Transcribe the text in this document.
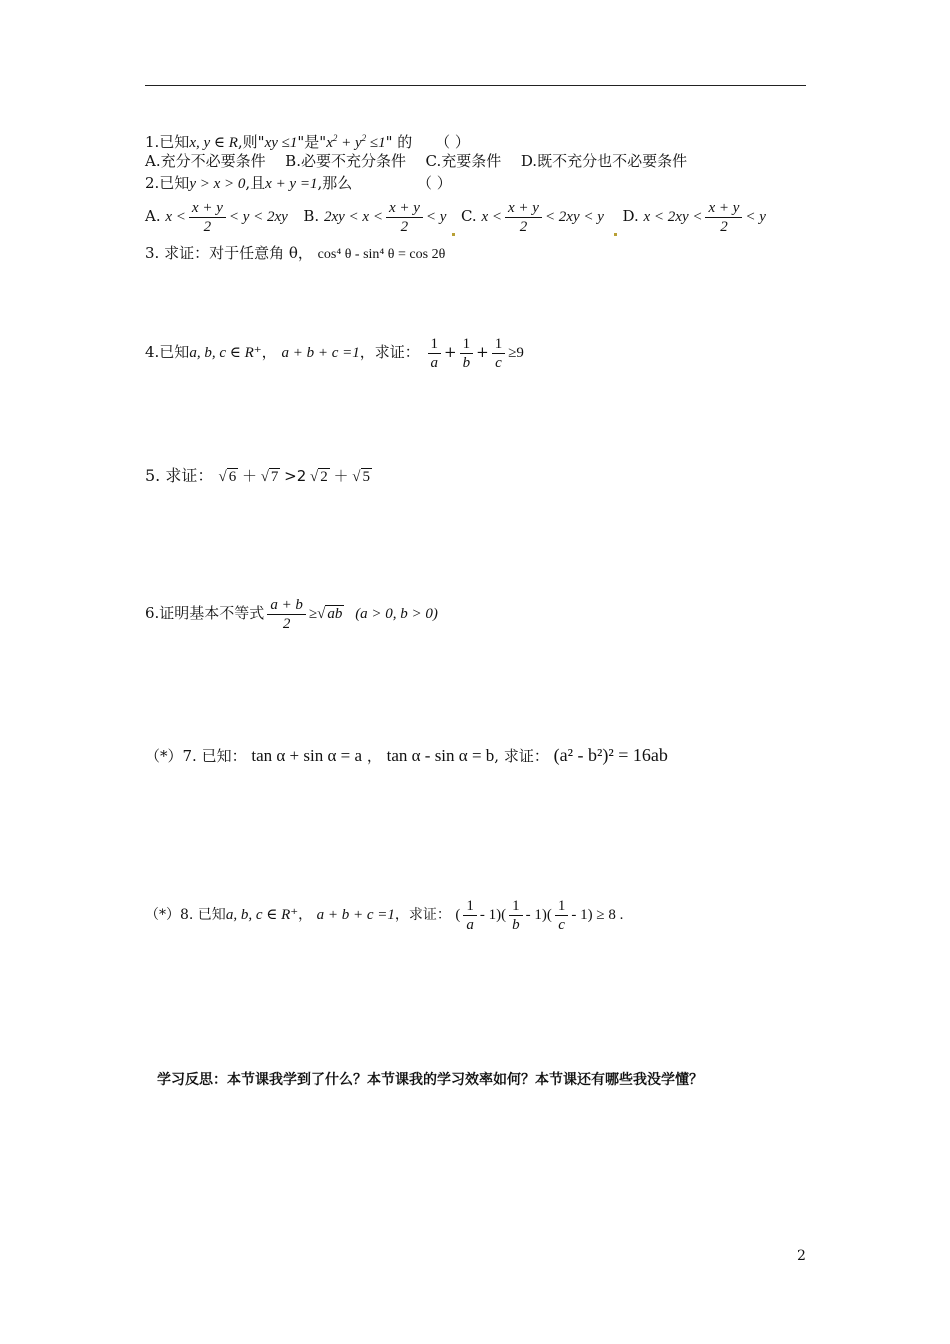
1.已知x, y ∈ R,则"xy ≤1"是"$x^2 + y^2 \le 1$" 的 （ ）
A.充分不必要条件 B.必要不充分条件 C.充要条件 D.既不充分也不必要条件
2.已知y > x > 0,且x + y =1,那么	（ ）
A. $x < \frac{x + y}{2} < y < 2xy$ B. $2xy < x < \frac{x + y}{2} < y$ C. $x < \frac{x + y}{2} < 2xy < y$ D. $x < 2xy < \frac{x + y}{2} < y$
3. 求证：对于任意角 θ， cos⁴ θ - sin⁴ θ = cos 2θ
4.已知a, b, c ∈ R⁺， a + b + c =1，求证： $\frac{1}{a} + \frac{1}{b} + \frac{1}{c} \ge 9$
5. 求证： √ 6 ＋ √ 7 >2 √ 2 ＋ √ 5
6.证明基本不等式 $\frac{a + b}{2}$ ≥√ ab (a > 0, b > 0)
（*）7. 已知： tan α + sin α = a ， tan α - sin α = b, 求证： (a² - b²)² = 16ab
（*）8. 已知a, b, c ∈ R⁺， a + b + c =1，求证： ( $\frac{1}{a} - 1)( \frac{1}{b} - 1)( \frac{1}{c} - 1) \ge 8$ .
学习反思：本节课我学到了什么？本节课我的学习效率如何？本节课还有哪些我没学懂？
2
